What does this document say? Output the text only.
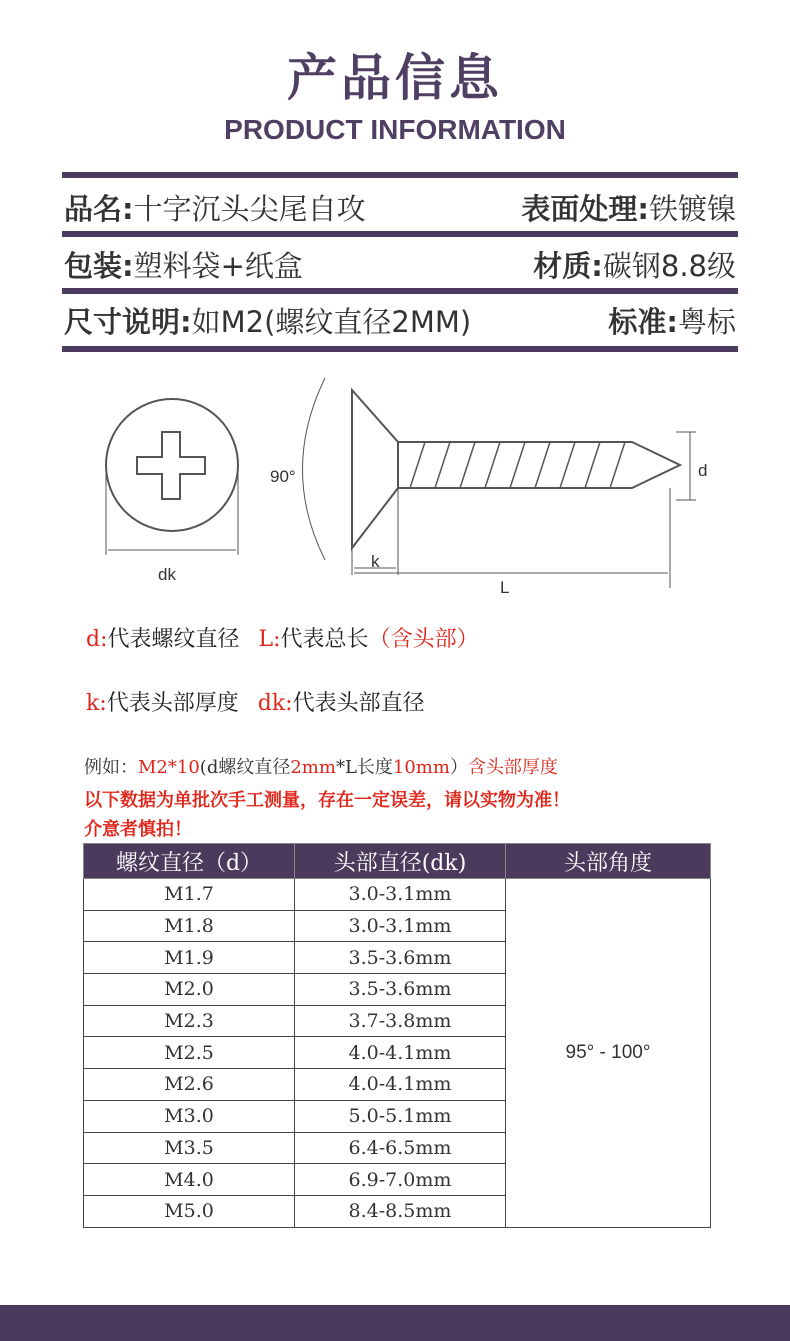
产品信息
PRODUCT INFORMATION
品名:十字沉头尖尾自攻	表面处理:铁镀镍
包装:塑料袋+纸盒	材质:碳钢8.8级
尺寸说明:如M2(螺纹直径2MM)	标准:粤标
dk
90°
k
L
d
d:代表螺纹直径 L:代表总长（含头部）
k:代表头部厚度 dk:代表头部直径
例如：M2*10(d螺纹直径2mm*L长度10mm）含头部厚度
以下数据为单批次手工测量，存在一定误差，请以实物为准！
介意者慎拍！
螺纹直径（d）	头部直径(dk)	头部角度
M1.7	3.0-3.1mm	95° - 100°
M1.8	3.0-3.1mm	
M1.9	3.5-3.6mm	
M2.0	3.5-3.6mm	
M2.3	3.7-3.8mm	
M2.5	4.0-4.1mm	
M2.6	4.0-4.1mm	
M3.0	5.0-5.1mm	
M3.5	6.4-6.5mm	
M4.0	6.9-7.0mm	
M5.0	8.4-8.5mm	
